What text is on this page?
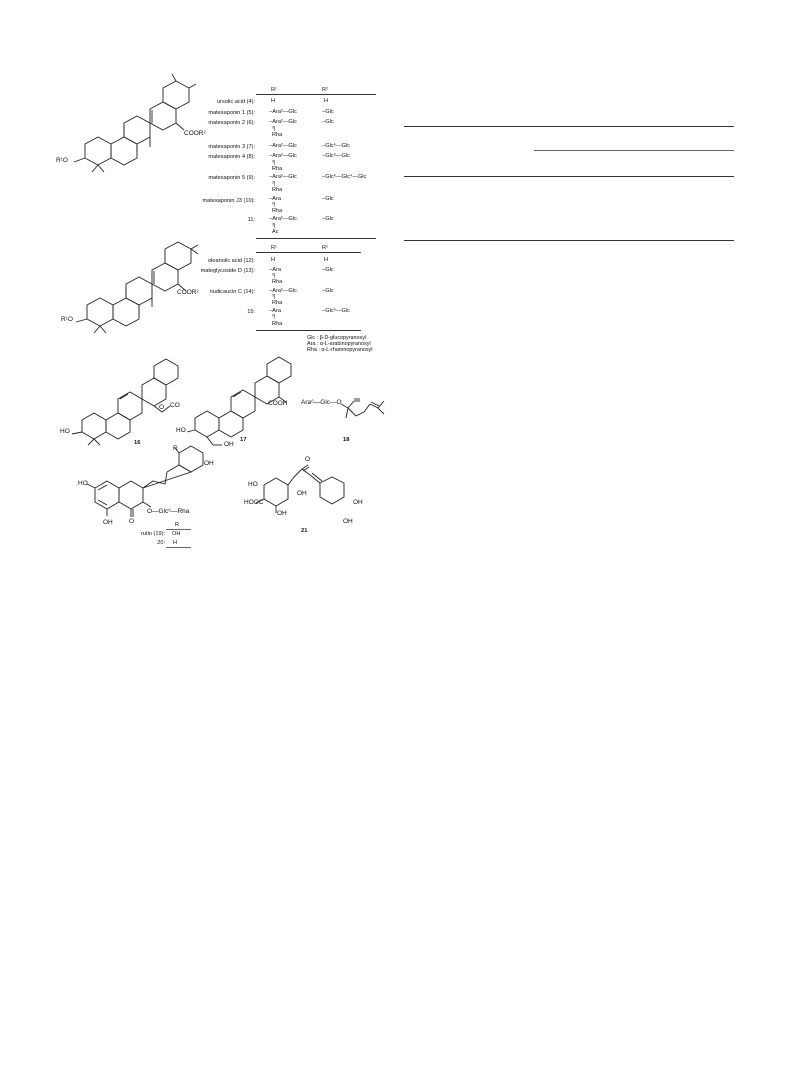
R¹O
COOR²
R¹	R²
ursolic acid (4):	H	H
matesaponin 1 (5):	−Ara²—Glc	−Glc
matesaponin 2 (6):	−Ara²—Glc	−Glc
³|
Rha
matesaponin 3 (7):	−Ara²—Glc	−Glc⁶—Glc
matesaponin 4 (8):	−Ara²—Glc	−Glc⁶—Glc
³|
Rha
matesaponin 5 (9):	−Ara²—Glc	−Glc⁶—Glc⁴—Glc
³|
Rha
matesaponin J3 (10):	−Ara	−Glc
²|
Rha
11:	−Ara²—Glc	−Glc
³|
Ac
R¹O
COOR²
R¹	R²
oleanolic acid (12):	H	H
mateglycoside D (13):	−Ara	−Glc
²|
Rha
nudicaucin C (14):	−Ara²—Glc	−Glc
³|
Rha
15:	−Ara	−Glc⁶—Glc
²|
Rha
Glc : β-D-glucopyranosyl
Ara : α-L-arabinopyranosyl
Rha : α-L-rhamnopyranosyl
HO
O CO
16
HO
OH
COOH
17
Ara⁶—Glc—O
18
R
OH
HO
OH	O
O—Glc⁶—Rha
R
rutin (19): OH
20: H
HO
HOOC
OH
OH
O
OH
OH
21
